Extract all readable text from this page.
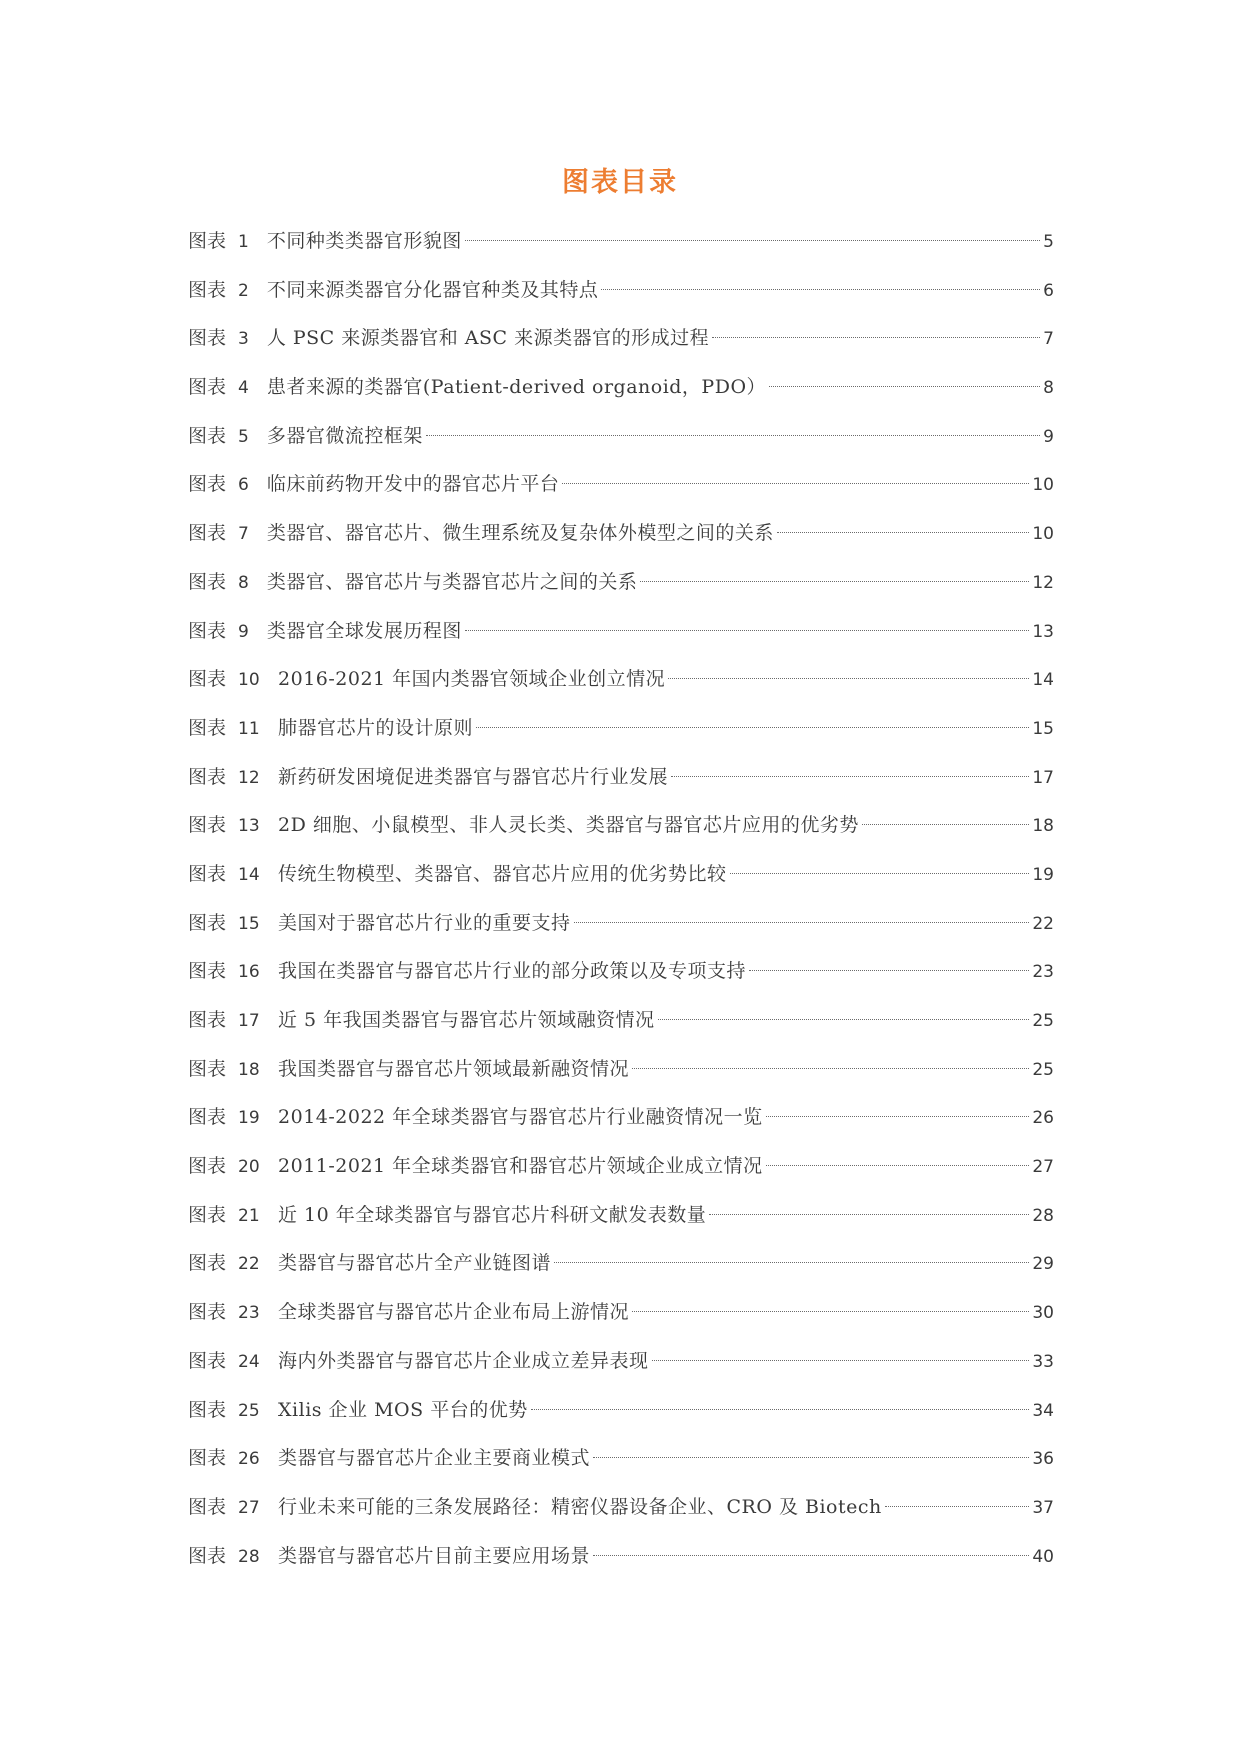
图表目录
图表 1 不同种类类器官形貌图	5
图表 2 不同来源类器官分化器官种类及其特点	6
图表 3 人 PSC 来源类器官和 ASC 来源类器官的形成过程	7
图表 4 患者来源的类器官(Patient-derived organoid，PDO）	8
图表 5 多器官微流控框架	9
图表 6 临床前药物开发中的器官芯片平台	10
图表 7 类器官、器官芯片、微生理系统及复杂体外模型之间的关系	10
图表 8 类器官、器官芯片与类器官芯片之间的关系	12
图表 9 类器官全球发展历程图	13
图表 10 2016-2021 年国内类器官领域企业创立情况	14
图表 11 肺器官芯片的设计原则	15
图表 12 新药研发困境促进类器官与器官芯片行业发展	17
图表 13 2D 细胞、小鼠模型、非人灵长类、类器官与器官芯片应用的优劣势	18
图表 14 传统生物模型、类器官、器官芯片应用的优劣势比较	19
图表 15 美国对于器官芯片行业的重要支持	22
图表 16 我国在类器官与器官芯片行业的部分政策以及专项支持	23
图表 17 近 5 年我国类器官与器官芯片领域融资情况	25
图表 18 我国类器官与器官芯片领域最新融资情况	25
图表 19 2014-2022 年全球类器官与器官芯片行业融资情况一览	26
图表 20 2011-2021 年全球类器官和器官芯片领域企业成立情况	27
图表 21 近 10 年全球类器官与器官芯片科研文献发表数量	28
图表 22 类器官与器官芯片全产业链图谱	29
图表 23 全球类器官与器官芯片企业布局上游情况	30
图表 24 海内外类器官与器官芯片企业成立差异表现	33
图表 25 Xilis 企业 MOS 平台的优势	34
图表 26 类器官与器官芯片企业主要商业模式	36
图表 27 行业未来可能的三条发展路径：精密仪器设备企业、CRO 及 Biotech	37
图表 28 类器官与器官芯片目前主要应用场景	40
